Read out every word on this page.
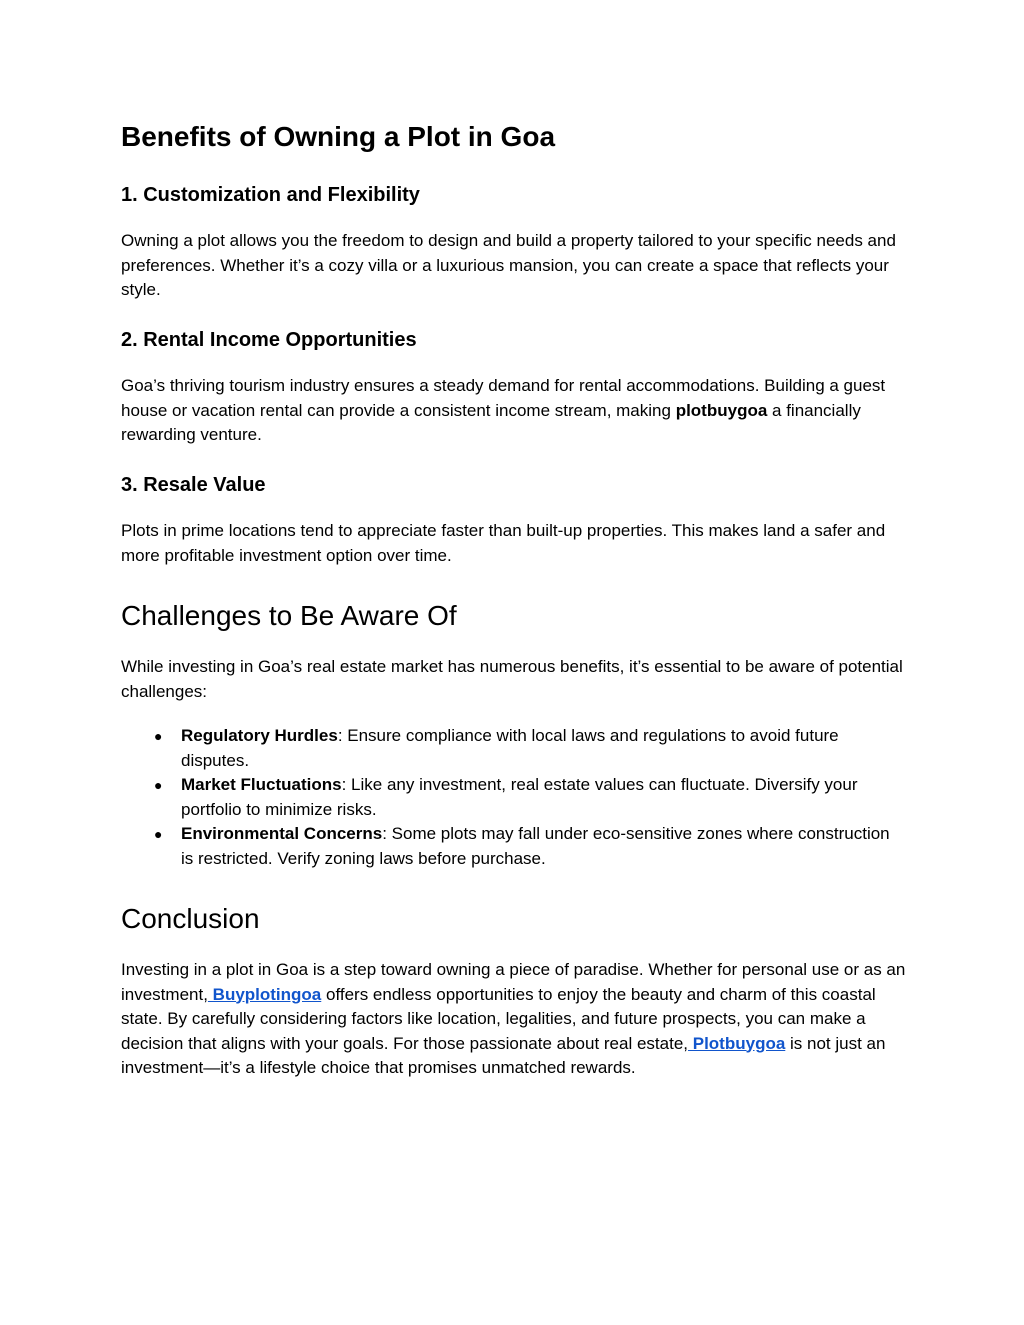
Benefits of Owning a Plot in Goa
1. Customization and Flexibility

Owning a plot allows you the freedom to design and build a property tailored to your specific needs and preferences. Whether it’s a cozy villa or a luxurious mansion, you can create a space that reflects your style.

2. Rental Income Opportunities

Goa’s thriving tourism industry ensures a steady demand for rental accommodations. Building a guest house or vacation rental can provide a consistent income stream, making plotbuygoa a financially rewarding venture.

3. Resale Value

Plots in prime locations tend to appreciate faster than built-up properties. This makes land a safer and more profitable investment option over time.

Challenges to Be Aware Of

While investing in Goa’s real estate market has numerous benefits, it’s essential to be aware of potential challenges:

● Regulatory Hurdles: Ensure compliance with local laws and regulations to avoid future disputes.
● Market Fluctuations: Like any investment, real estate values can fluctuate. Diversify your portfolio to minimize risks.
● Environmental Concerns: Some plots may fall under eco-sensitive zones where construction is restricted. Verify zoning laws before purchase.
Conclusion

Investing in a plot in Goa is a step toward owning a piece of paradise. Whether for personal use or as an investment, Buyplotingoa offers endless opportunities to enjoy the beauty and charm of this coastal state. By carefully considering factors like location, legalities, and future prospects, you can make a decision that aligns with your goals. For those passionate about real estate, Plotbuygoa is not just an investment—it’s a lifestyle choice that promises unmatched rewards.
